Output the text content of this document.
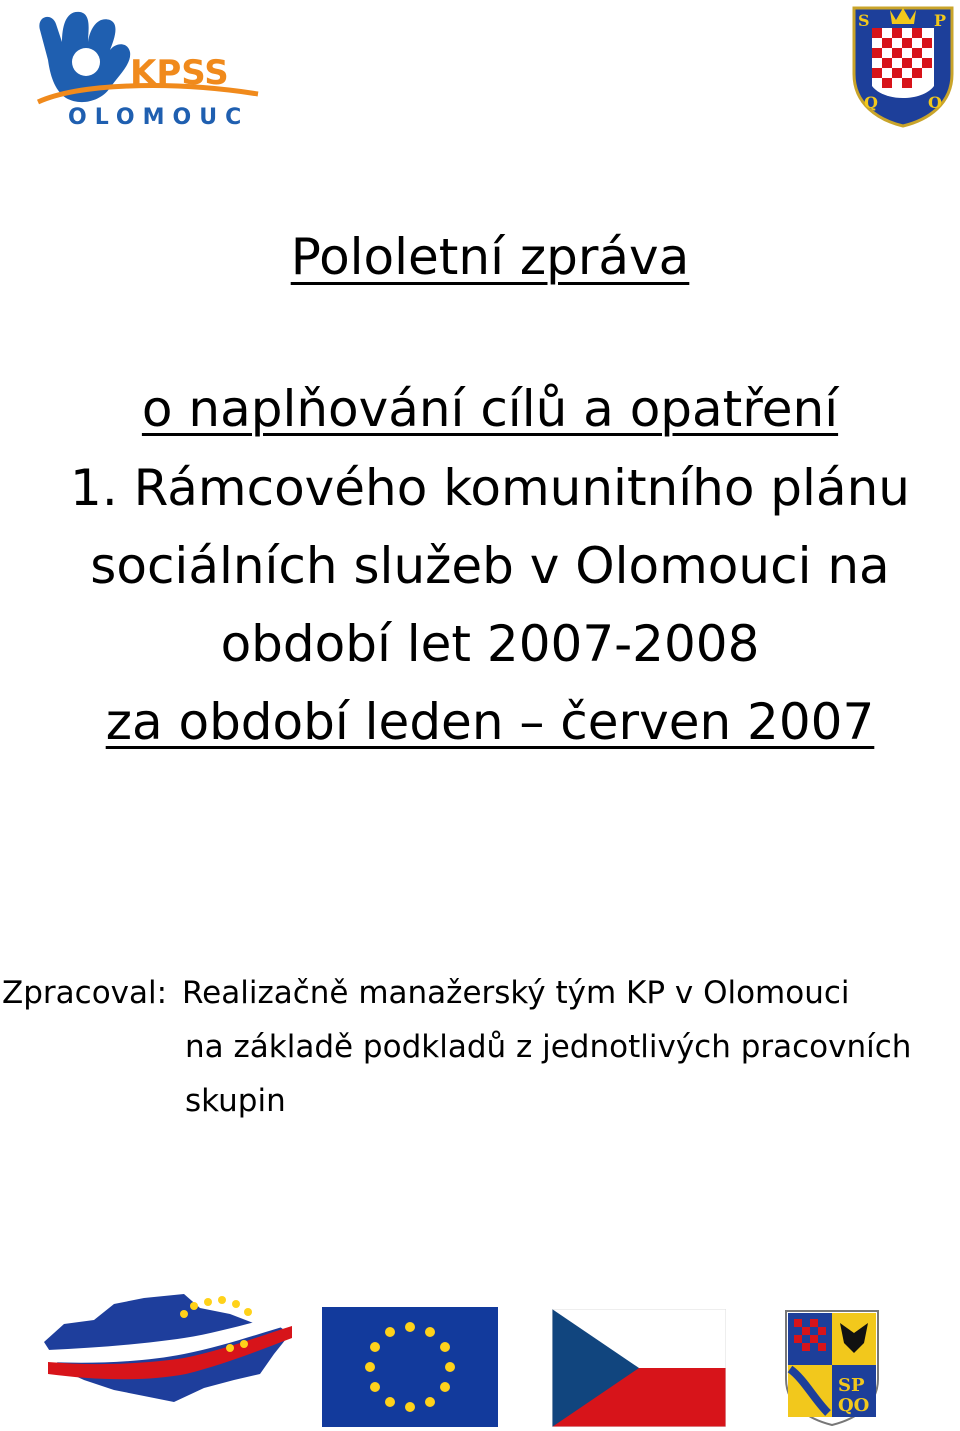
KPSS
OLOMOUC
S	P
Q	O
Pololetní zpráva

o naplňování cílů a opatření

1. Rámcového komunitního plánu

sociálních služeb v Olomouci na

období let 2007-2008

za období leden – červen 2007

Zpracoval: Realizačně manažerský tým KP v Olomouci
na základě podkladů z jednotlivých pracovních
skupin
SP
QO
